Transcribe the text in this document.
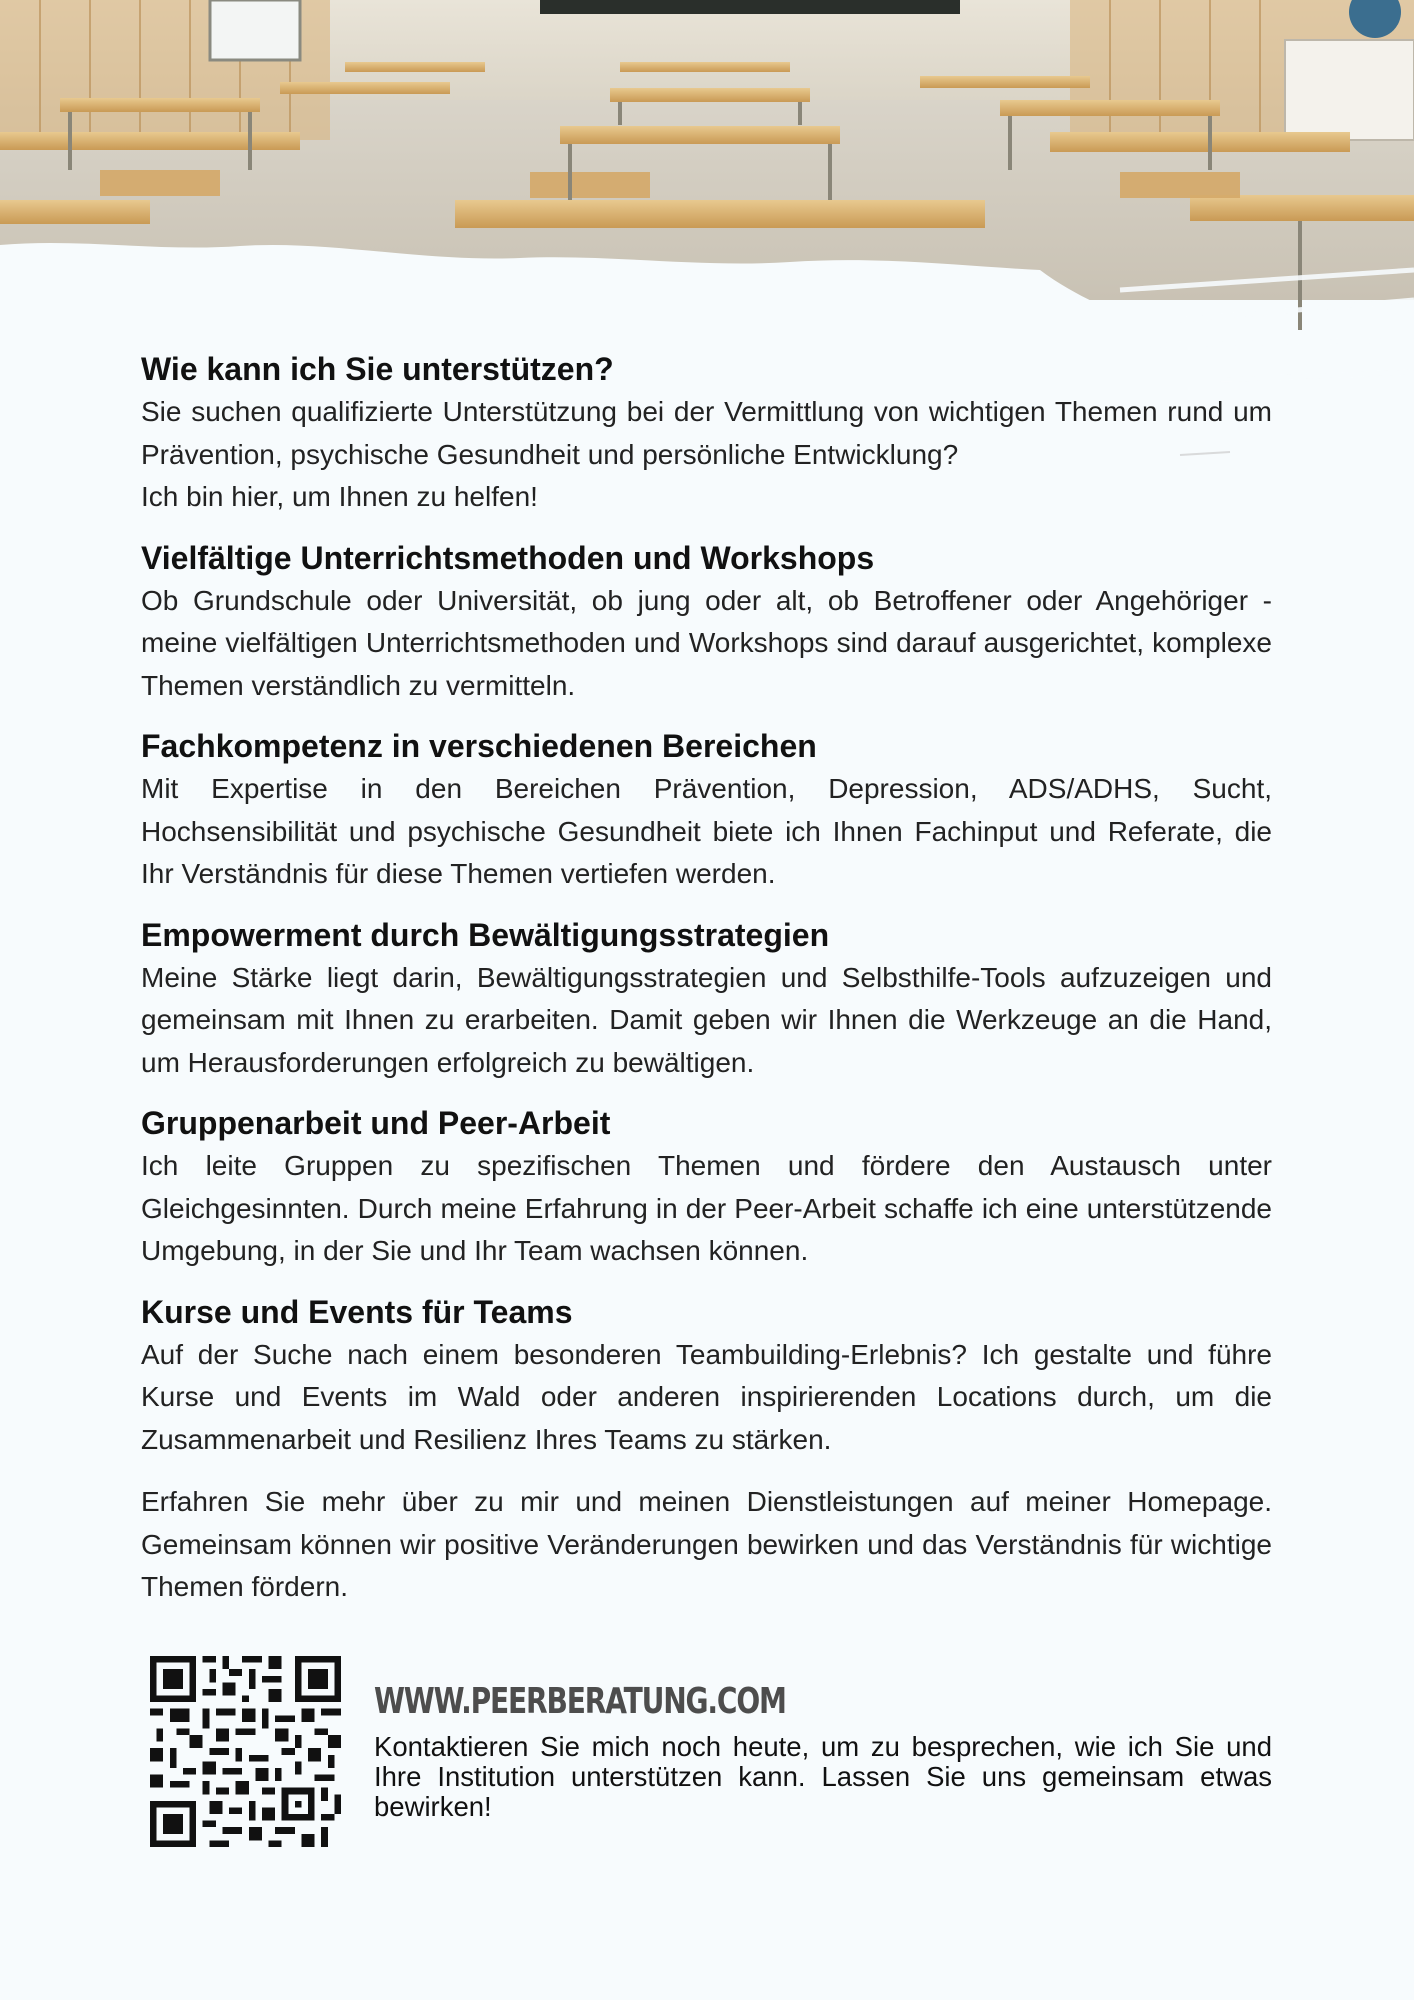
Wie kann ich Sie unterstützen?

Sie suchen qualifizierte Unterstützung bei der Vermittlung von wichtigen Themen rund um Prävention, psychische Gesundheit und persönliche Entwicklung?
Ich bin hier, um Ihnen zu helfen!

Vielfältige Unterrichtsmethoden und Workshops

Ob Grundschule oder Universität, ob jung oder alt, ob Betroffener oder Angehöriger - meine vielfältigen Unterrichtsmethoden und Workshops sind darauf ausgerichtet, komplexe Themen verständlich zu vermitteln.

Fachkompetenz in verschiedenen Bereichen

Mit Expertise in den Bereichen Prävention, Depression, ADS/ADHS, Sucht, Hochsensibilität und psychische Gesundheit biete ich Ihnen Fachinput und Referate, die Ihr Verständnis für diese Themen vertiefen werden.

Empowerment durch Bewältigungsstrategien

Meine Stärke liegt darin, Bewältigungsstrategien und Selbsthilfe-Tools aufzuzeigen und gemeinsam mit Ihnen zu erarbeiten. Damit geben wir Ihnen die Werkzeuge an die Hand, um Herausforderungen erfolgreich zu bewältigen.

Gruppenarbeit und Peer-Arbeit

Ich leite Gruppen zu spezifischen Themen und fördere den Austausch unter Gleichgesinnten. Durch meine Erfahrung in der Peer-Arbeit schaffe ich eine unterstützende Umgebung, in der Sie und Ihr Team wachsen können.

Kurse und Events für Teams

Auf der Suche nach einem besonderen Teambuilding-Erlebnis? Ich gestalte und führe Kurse und Events im Wald oder anderen inspirierenden Locations durch, um die Zusammenarbeit und Resilienz Ihres Teams zu stärken.

Erfahren Sie mehr über zu mir und meinen Dienstleistungen auf meiner Homepage. Gemeinsam können wir positive Veränderungen bewirken und das Verständnis für wichtige Themen fördern.

WWW.PEERBERATUNG.COM

Kontaktieren Sie mich noch heute, um zu besprechen, wie ich Sie und Ihre Institution unterstützen kann. Lassen Sie uns gemeinsam etwas bewirken!
